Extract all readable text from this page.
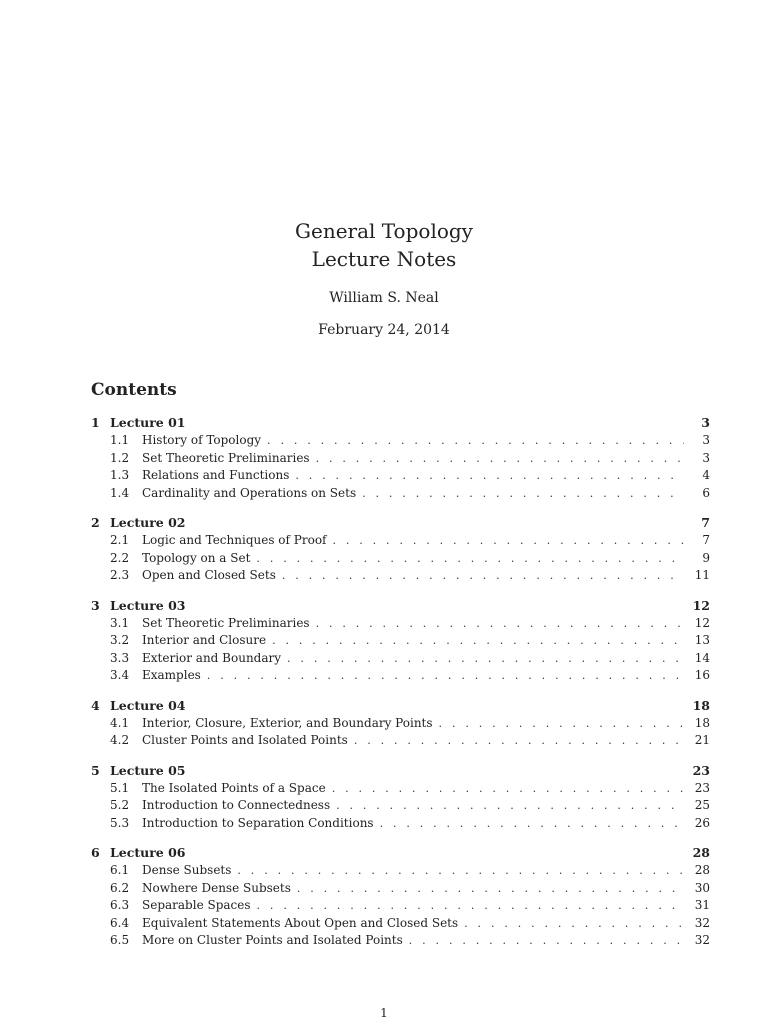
General Topology
Lecture Notes
William S. Neal
February 24, 2014
Contents
1 Lecture 01	3
1.1	History of Topology . . .	3
1.2	Set Theoretic Preliminaries . . .	3
1.3	Relations and Functions . . .	4
1.4	Cardinality and Operations on Sets . . .	6
2 Lecture 02	7
2.1	Logic and Techniques of Proof . . .	7
2.2	Topology on a Set . . .	9
2.3	Open and Closed Sets . . .	11
3 Lecture 03	12
3.1	Set Theoretic Preliminaries . . .	12
3.2	Interior and Closure . . .	13
3.3	Exterior and Boundary . . .	14
3.4	Examples . . .	16
4 Lecture 04	18
4.1	Interior, Closure, Exterior, and Boundary Points . . .	18
4.2	Cluster Points and Isolated Points . . .	21
5 Lecture 05	23
5.1	The Isolated Points of a Space . . .	23
5.2	Introduction to Connectedness . . .	25
5.3	Introduction to Separation Conditions . . .	26
6 Lecture 06	28
6.1	Dense Subsets . . .	28
6.2	Nowhere Dense Subsets . . .	30
6.3	Separable Spaces . . .	31
6.4	Equivalent Statements About Open and Closed Sets . . .	32
6.5	More on Cluster Points and Isolated Points . . .	32
1
